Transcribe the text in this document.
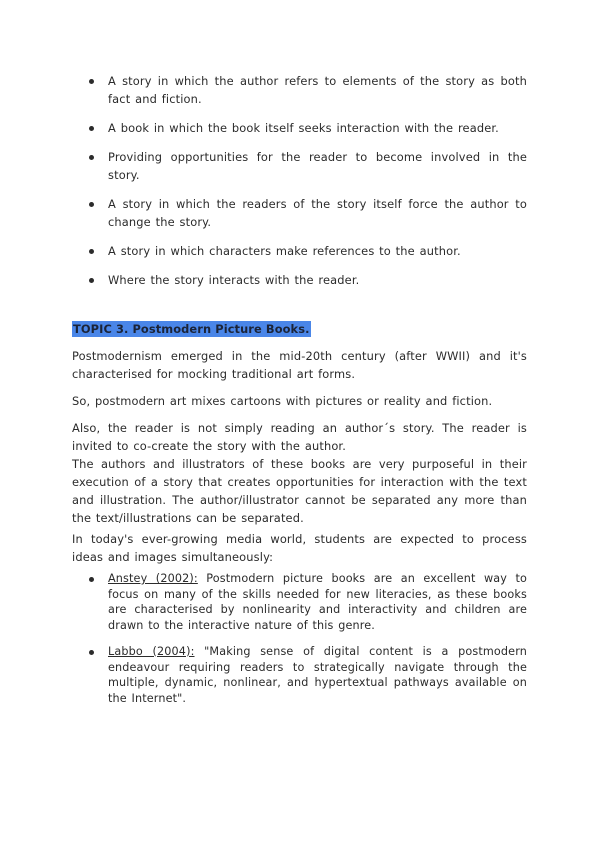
A story in which the author refers to elements of the story as both fact and fiction.
A book in which the book itself seeks interaction with the reader.
Providing opportunities for the reader to become involved in the story.
A story in which the readers of the story itself force the author to change the story.
A story in which characters make references to the author.
Where the story interacts with the reader.
TOPIC 3. Postmodern Picture Books.

Postmodernism emerged in the mid-20th century (after WWII) and it's characterised for mocking traditional art forms.

So, postmodern art mixes cartoons with pictures or reality and fiction.

Also, the reader is not simply reading an author´s story. The reader is invited to co-create the story with the author.

The authors and illustrators of these books are very purposeful in their execution of a story that creates opportunities for interaction with the text and illustration. The author/illustrator cannot be separated any more than the text/illustrations can be separated.

In today's ever-growing media world, students are expected to process ideas and images simultaneously:

Anstey (2002): Postmodern picture books are an excellent way to focus on many of the skills needed for new literacies, as these books are characterised by nonlinearity and interactivity and children are drawn to the interactive nature of this genre.
Labbo (2004): "Making sense of digital content is a postmodern endeavour requiring readers to strategically navigate through the multiple, dynamic, nonlinear, and hypertextual pathways available on the Internet".
